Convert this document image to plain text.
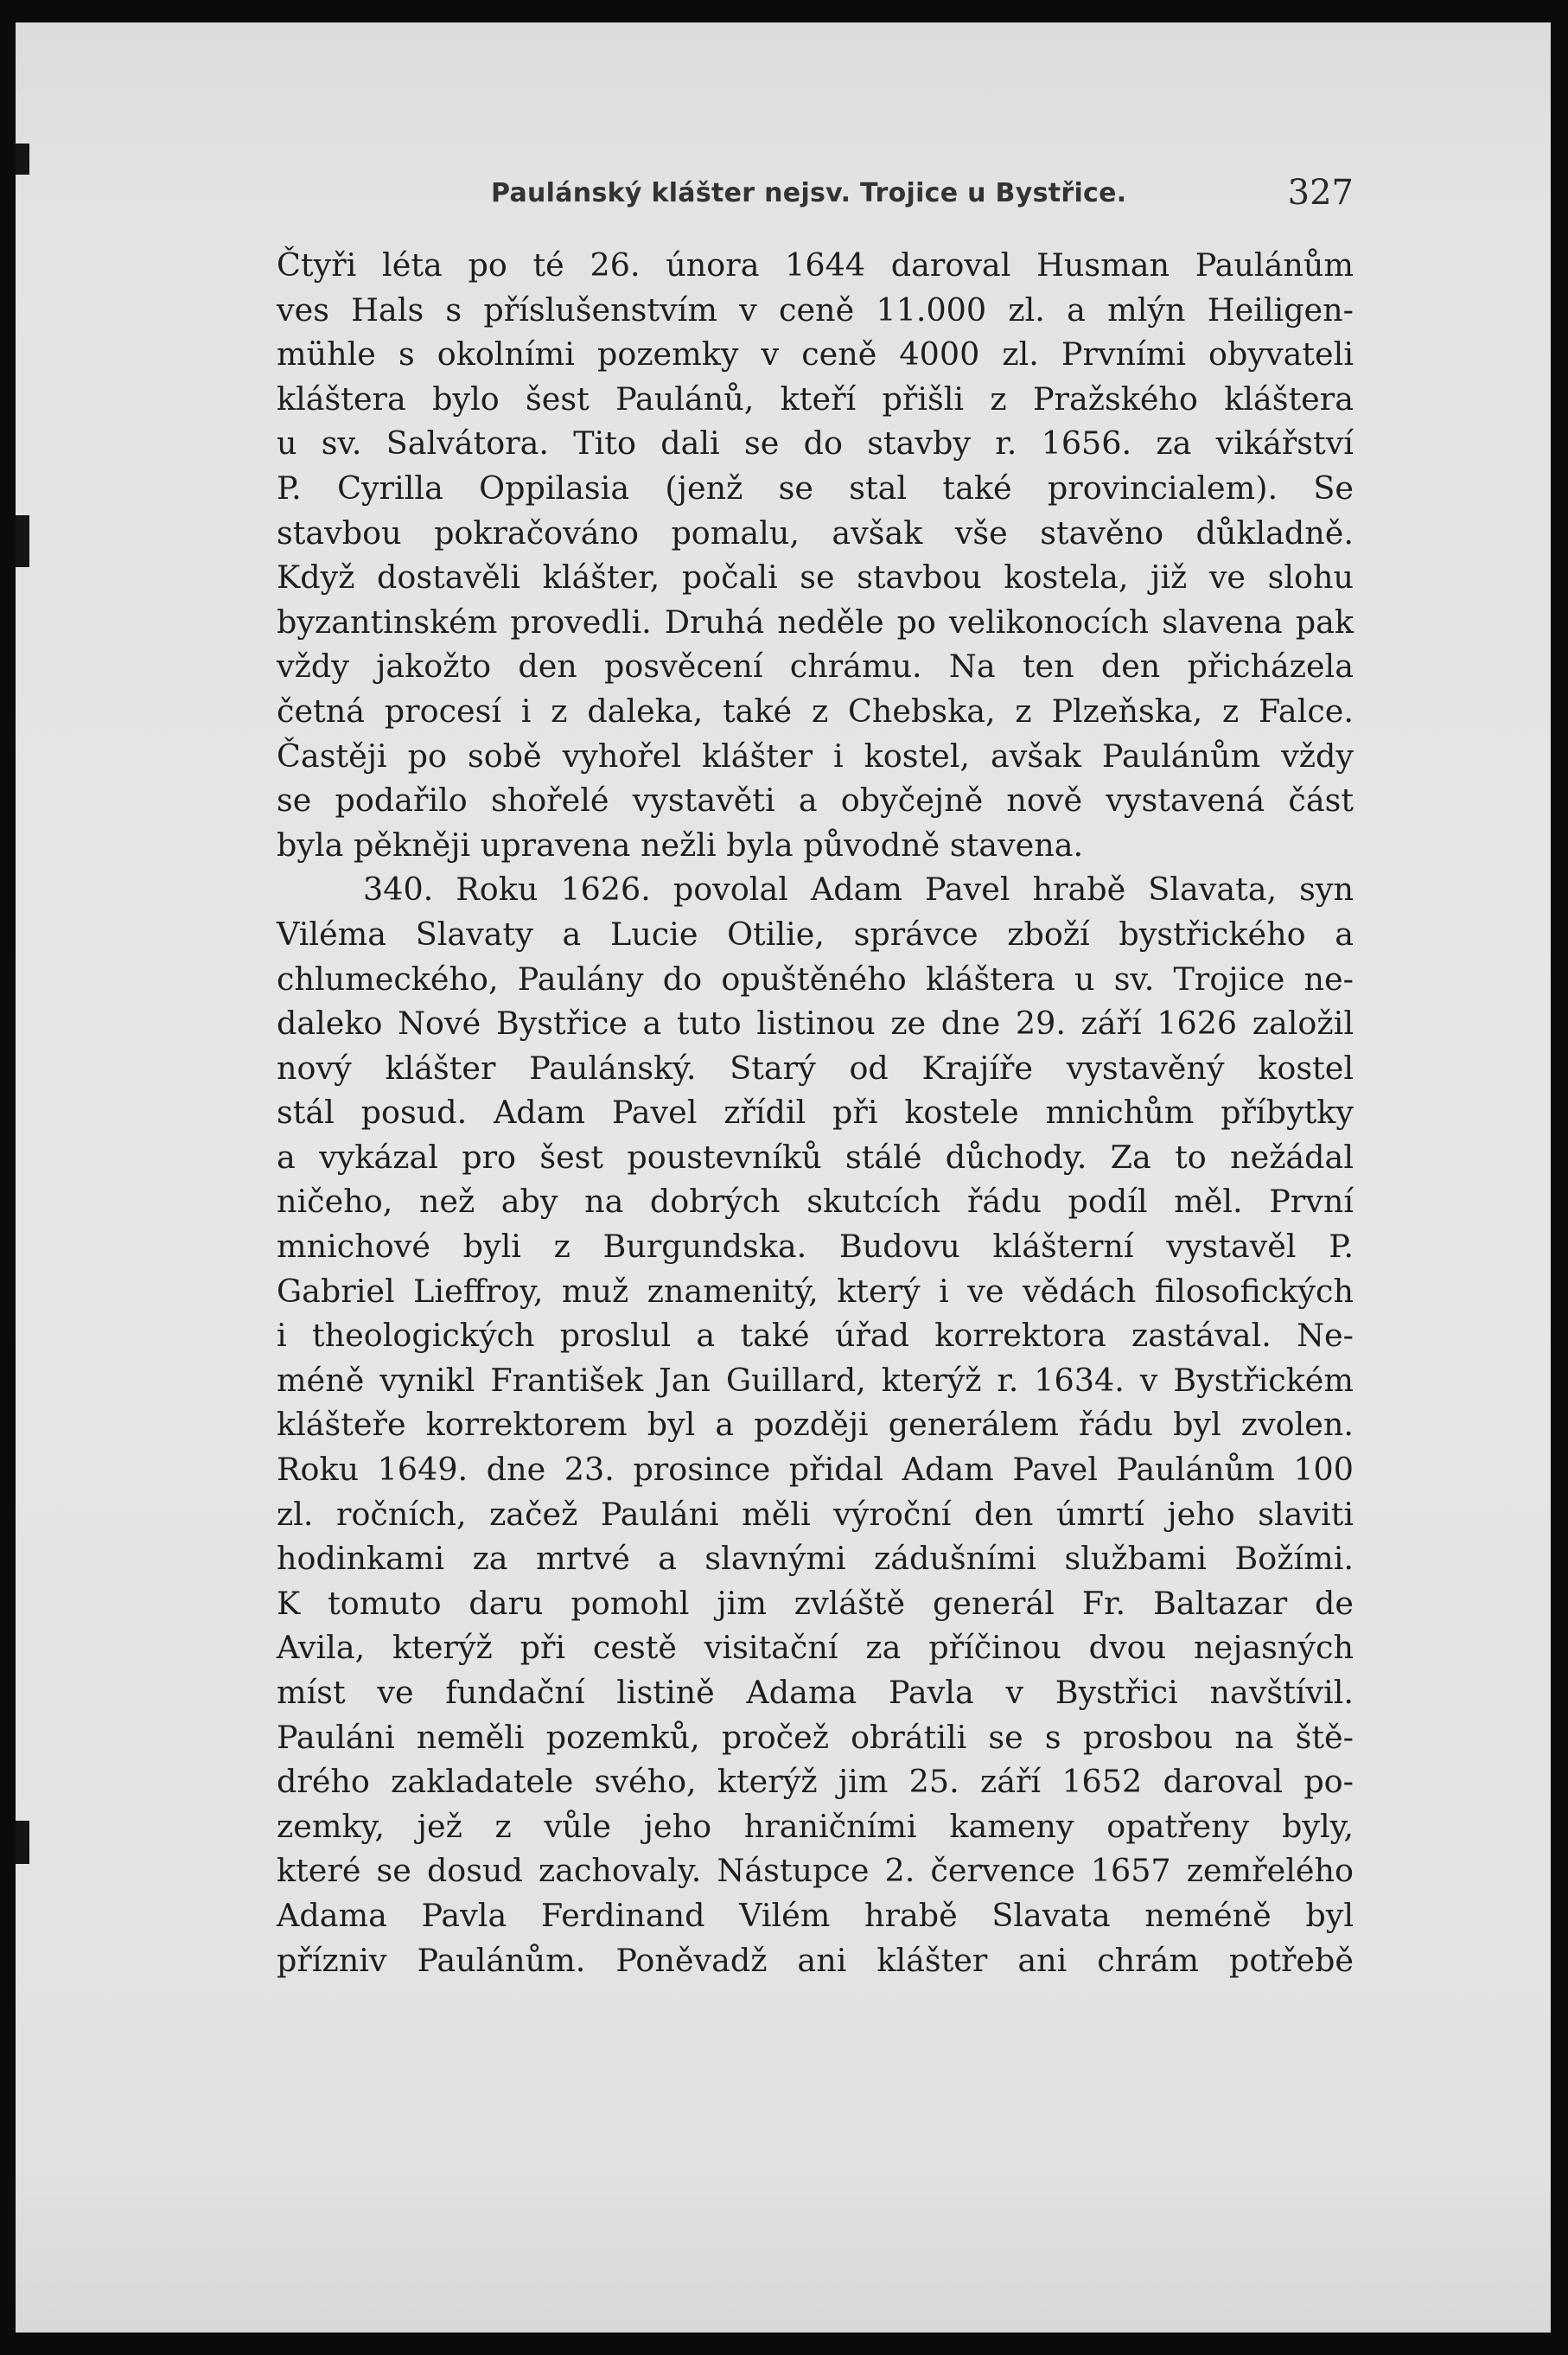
Paulánský klášter nejsv. Trojice u Bystřice.	327
Čtyři léta po té 26. února 1644 daroval Husman Paulánům
ves Hals s příslušenstvím v ceně 11.000 zl. a mlýn Heiligen-
mühle s okolními pozemky v ceně 4000 zl. Prvními obyvateli
kláštera bylo šest Paulánů, kteří přišli z Pražského kláštera
u sv. Salvátora. Tito dali se do stavby r. 1656. za vikářství
P. Cyrilla Oppilasia (jenž se stal také provincialem). Se
stavbou pokračováno pomalu, avšak vše stavěno důkladně.
Když dostavěli klášter, počali se stavbou kostela, již ve slohu
byzantinském provedli. Druhá neděle po velikonocích slavena pak
vždy jakožto den posvěcení chrámu. Na ten den přicházela
četná procesí i z daleka, také z Chebska, z Plzeňska, z Falce.
Častěji po sobě vyhořel klášter i kostel, avšak Paulánům vždy
se podařilo shořelé vystavěti a obyčejně nově vystavená část
byla pěkněji upravena nežli byla původně stavena.
340. Roku 1626. povolal Adam Pavel hrabě Slavata, syn
Viléma Slavaty a Lucie Otilie, správce zboží bystřického a
chlumeckého, Paulány do opuštěného kláštera u sv. Trojice ne-
daleko Nové Bystřice a tuto listinou ze dne 29. září 1626 založil
nový klášter Paulánský. Starý od Krajíře vystavěný kostel
stál posud. Adam Pavel zřídil při kostele mnichům příbytky
a vykázal pro šest poustevníků stálé důchody. Za to nežádal
ničeho, než aby na dobrých skutcích řádu podíl měl. První
mnichové byli z Burgundska. Budovu klášterní vystavěl P.
Gabriel Lieffroy, muž znamenitý, který i ve vědách filosofických
i theologických proslul a také úřad korrektora zastával. Ne-
méně vynikl František Jan Guillard, kterýž r. 1634. v Bystřickém
klášteře korrektorem byl a později generálem řádu byl zvolen.
Roku 1649. dne 23. prosince přidal Adam Pavel Paulánům 100
zl. ročních, začež Pauláni měli výroční den úmrtí jeho slaviti
hodinkami za mrtvé a slavnými zádušními službami Božími.
K tomuto daru pomohl jim zvláště generál Fr. Baltazar de
Avila, kterýž při cestě visitační za příčinou dvou nejasných
míst ve fundační listině Adama Pavla v Bystřici navštívil.
Pauláni neměli pozemků, pročež obrátili se s prosbou na ště-
drého zakladatele svého, kterýž jim 25. září 1652 daroval po-
zemky, jež z vůle jeho hraničními kameny opatřeny byly,
které se dosud zachovaly. Nástupce 2. července 1657 zemřelého
Adama Pavla Ferdinand Vilém hrabě Slavata neméně byl
přízniv Paulánům. Poněvadž ani klášter ani chrám potřebě
